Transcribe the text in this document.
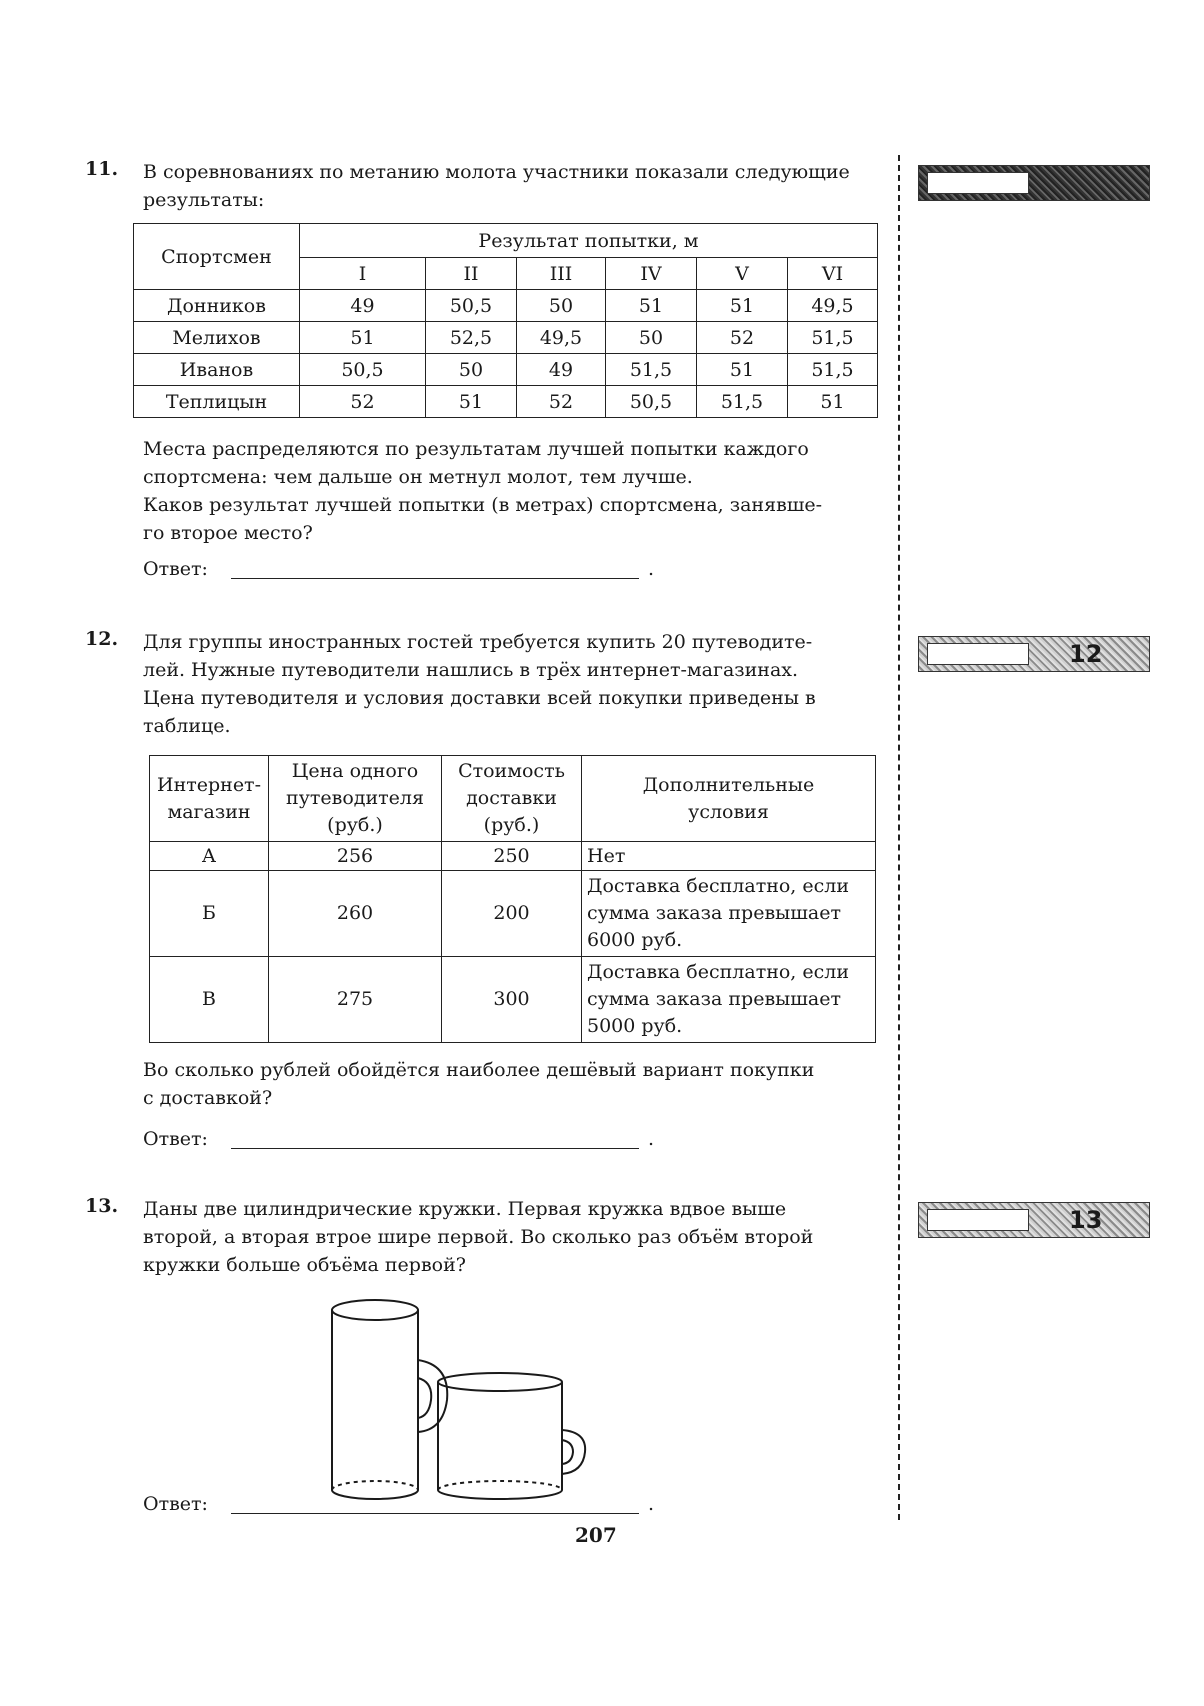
11. В соревнованиях по метанию молота участники показали следующие
результаты:

Спортсмен	Результат попытки, м					
	I	II	III	IV	V	VI
Донников	49	50,5	50	51	51	49,5
Мелихов	51	52,5	49,5	50	52	51,5
Иванов	50,5	50	49	51,5	51	51,5
Теплицын	52	51	52	50,5	51,5	51

Места распределяются по результатам лучшей попытки каждого
спортсмена: чем дальше он метнул молот, тем лучше.
Каков результат лучшей попытки (в метрах) спортсмена, занявше-
го второе место?

Ответ:	.
12. Для группы иностранных гостей требуется купить 20 путеводите-
лей. Нужные путеводители нашлись в трёх интернет-магазинах.
Цена путеводителя и условия доставки всей покупки приведены в
таблице.

Интернет-
магазин	Цена одного
путеводителя
(руб.)	Стоимость
доставки
(руб.)	Дополнительные
условия

А	256	250	Нет

Б	260	200	Доставка бесплатно, если
сумма заказа превышает
6000 руб.

В	275	300	Доставка бесплатно, если
сумма заказа превышает
5000 руб.

Во сколько рублей обойдётся наиболее дешёвый вариант покупки
с доставкой?

Ответ:	.
13. Даны две цилиндрические кружки. Первая кружка вдвое выше
второй, а вторая втрое шире первой. Во сколько раз объём второй
кружки больше объёма первой?

Ответ:	.
12
13
207
